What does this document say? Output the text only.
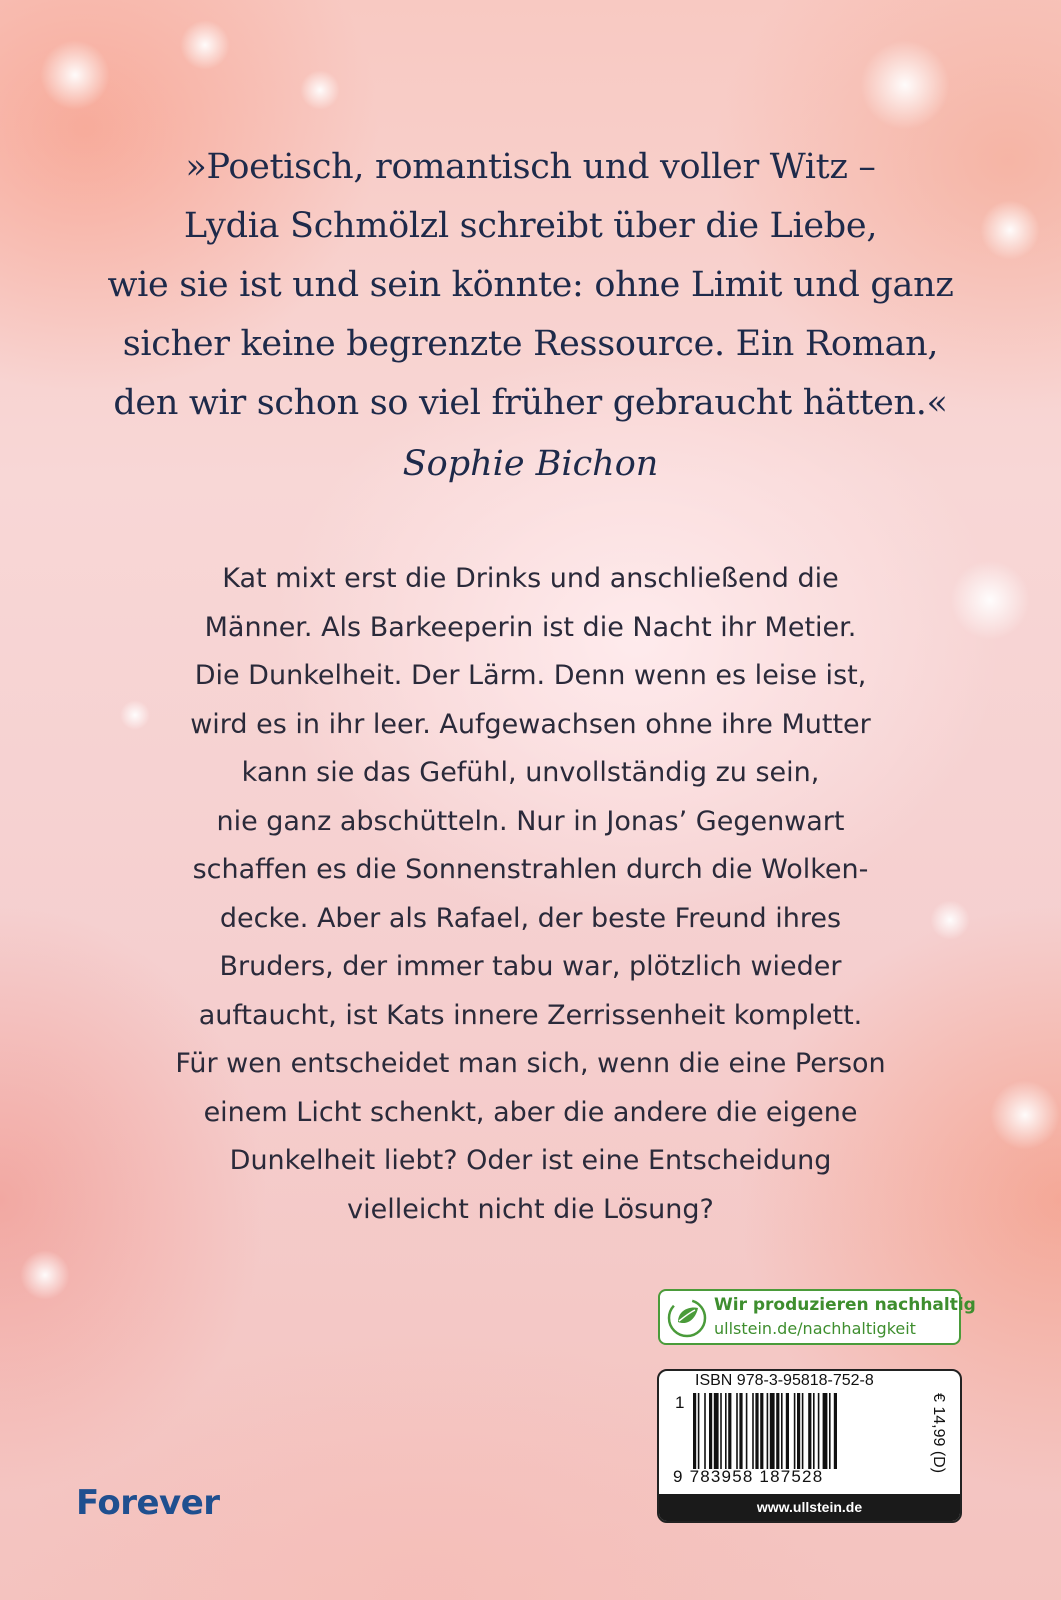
»Poetisch, romantisch und voller Witz –
Lydia Schmölzl schreibt über die Liebe,
wie sie ist und sein könnte: ohne Limit und ganz
sicher keine begrenzte Ressource. Ein Roman,
den wir schon so viel früher gebraucht hätten.«
Sophie Bichon
Kat mixt erst die Drinks und anschließend die
Männer. Als Barkeeperin ist die Nacht ihr Metier.
Die Dunkelheit. Der Lärm. Denn wenn es leise ist,
wird es in ihr leer. Aufgewachsen ohne ihre Mutter
kann sie das Gefühl, unvollständig zu sein,
nie ganz abschütteln. Nur in Jonas’ Gegenwart
schaffen es die Sonnenstrahlen durch die Wolken-
decke. Aber als Rafael, der beste Freund ihres
Bruders, der immer tabu war, plötzlich wieder
auftaucht, ist Kats innere Zerrissenheit komplett.
Für wen entscheidet man sich, wenn die eine Person
einem Licht schenkt, aber die andere die eigene
Dunkelheit liebt? Oder ist eine Entscheidung
vielleicht nicht die Lösung?
Wir produzieren nachhaltig
ullstein.de/nachhaltigkeit
ISBN 978-3-95818-752-8
1
9 783958 187528
€ 14,99 (D)
www.ullstein.de
Forever
